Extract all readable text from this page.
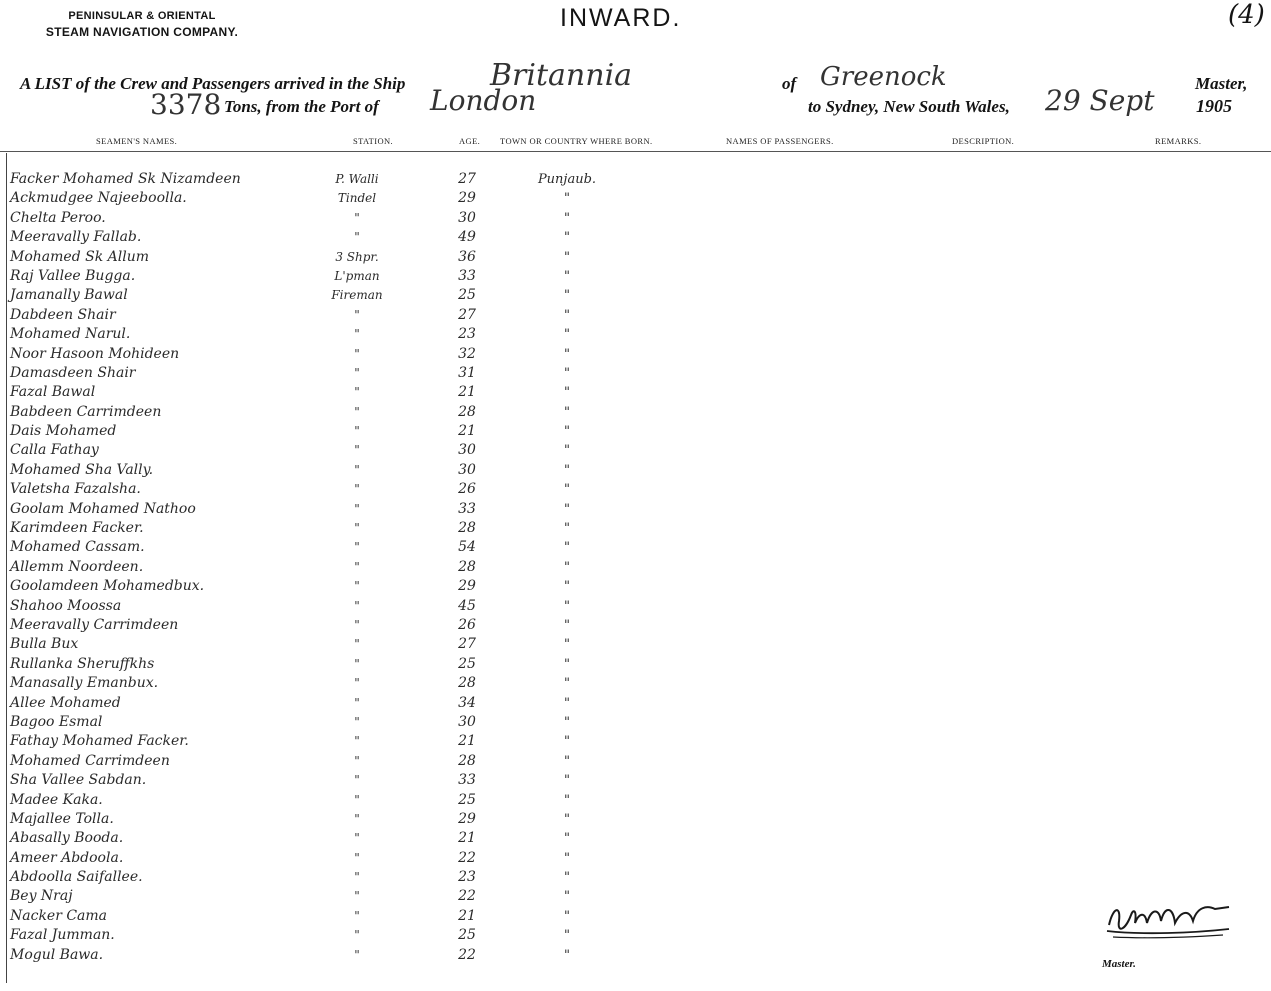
PENINSULAR & ORIENTAL
STEAM NAVIGATION COMPANY.	INWARD.	(4)
A LIST of the Crew and Passengers arrived in the Ship	Britannia	of Greenock	Master,
3378 Tons, from the Port of London	to Sydney, New South Wales, 29 Sept 1905
SEAMEN'S NAMES.	STATION.	AGE. TOWN OR COUNTRY WHERE BORN.	NAMES OF PASSENGERS.	DESCRIPTION.	REMARKS.
Facker Mohamed Sk Nizamdeen	P. Walli	27	Punjaub.
Ackmudgee Najeeboolla.	Tindel	29	"
Chelta Peroo.	"	30	"
Meeravally Fallab.	"	49	"
Mohamed Sk Allum	3 Shpr.	36	"
Raj Vallee Bugga.	L'pman	33	"
Jamanally Bawal	Fireman	25	"
Dabdeen Shair	"	27	"
Mohamed Narul.	"	23	"
Noor Hasoon Mohideen	"	32	"
Damasdeen Shair	"	31	"
Fazal Bawal	"	21	"
Babdeen Carrimdeen	"	28	"
Dais Mohamed	"	21	"
Calla Fathay	"	30	"
Mohamed Sha Vally.	"	30	"
Valetsha Fazalsha.	"	26	"
Goolam Mohamed Nathoo	"	33	"
Karimdeen Facker.	"	28	"
Mohamed Cassam.	"	54	"
Allemm Noordeen.	"	28	"
Goolamdeen Mohamedbux.	"	29	"
Shahoo Moossa	"	45	"
Meeravally Carrimdeen	"	26	"
Bulla Bux	"	27	"
Rullanka Sheruffkhs	"	25	"
Manasally Emanbux.	"	28	"
Allee Mohamed	"	34	"
Bagoo Esmal	"	30	"
Fathay Mohamed Facker.	"	21	"
Mohamed Carrimdeen	"	28	"
Sha Vallee Sabdan.	"	33	"
Madee Kaka.	"	25	"
Majallee Tolla.	"	29	"
Abasally Booda.	"	21	"
Ameer Abdoola.	"	22	"
Abdoolla Saifallee.	"	23	"
Bey Nraj	"	22	"
Nacker Cama	"	21	"
Fazal Jumman.	"	25	"
Mogul Bawa.	"	22	"
Master.
